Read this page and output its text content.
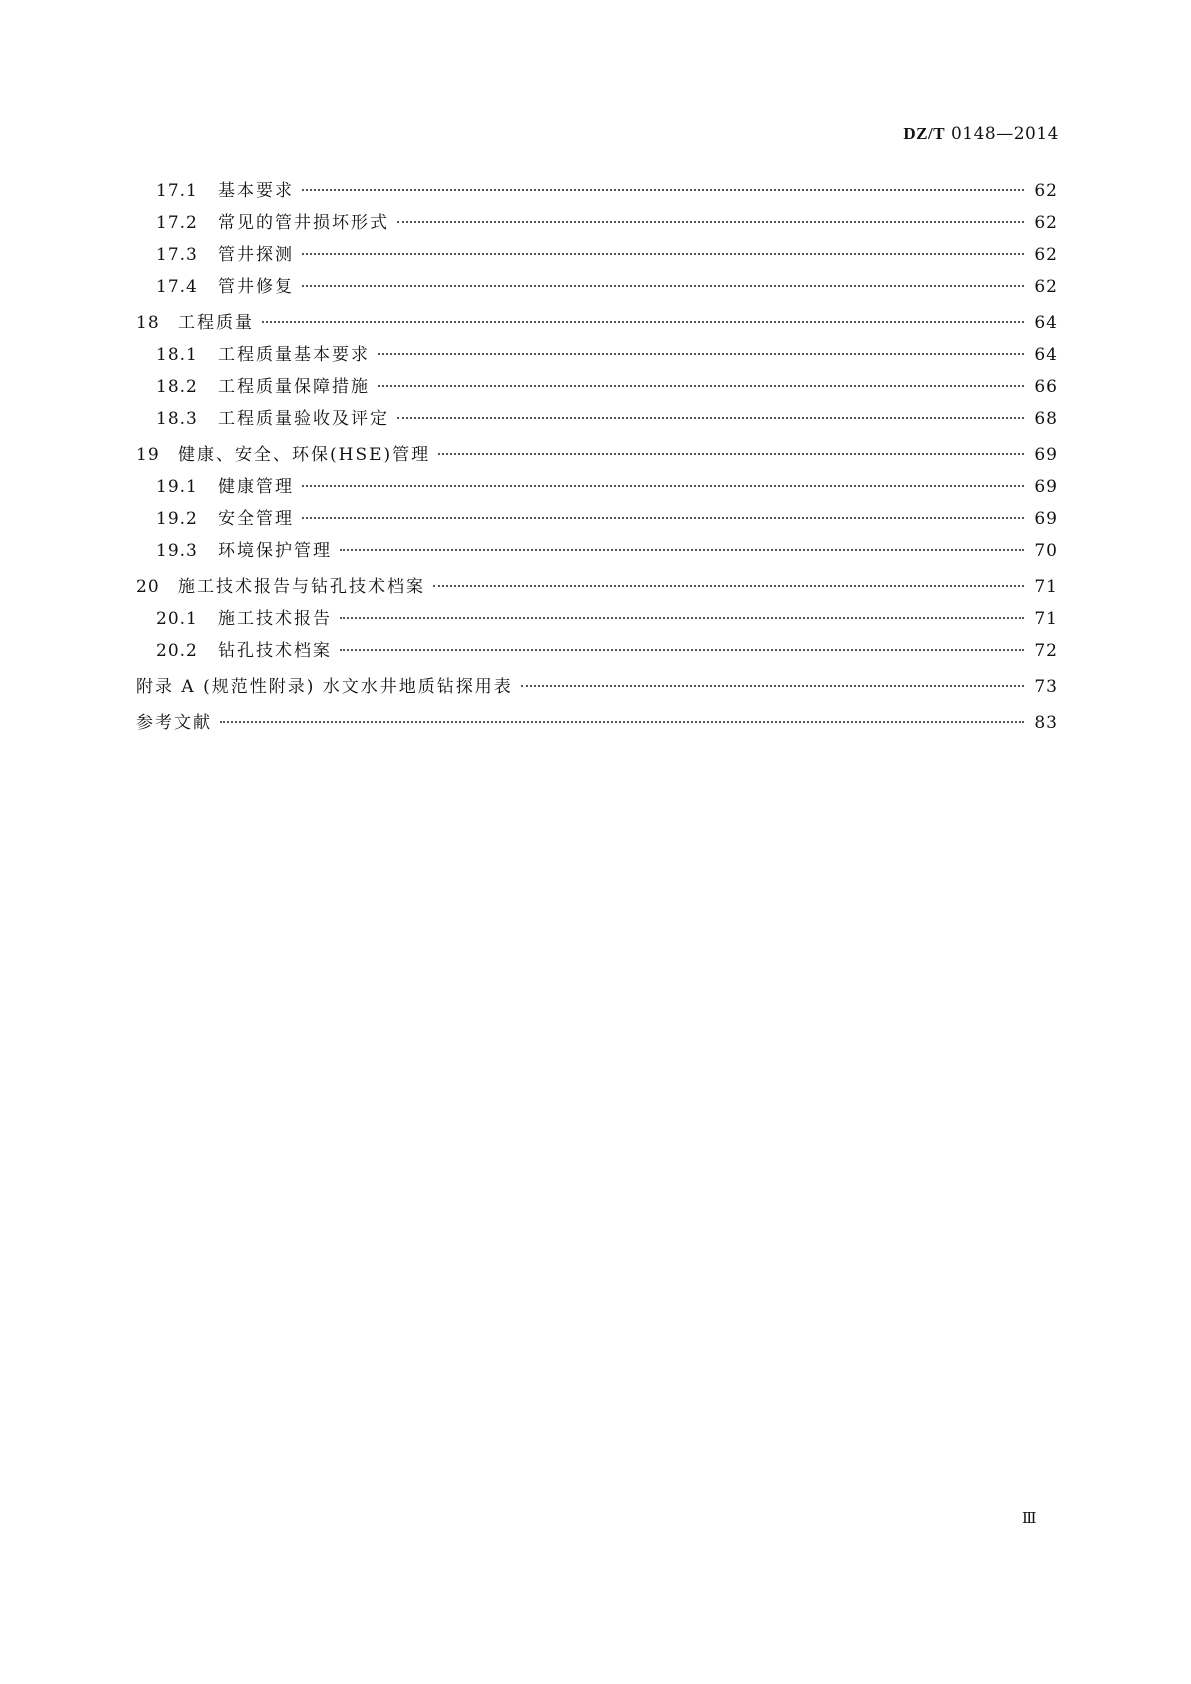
DZ/T 0148—2014
17.1	基本要求	62
17.2	常见的管井损坏形式	62
17.3	管井探测	62
17.4	管井修复	62
18	工程质量	64
18.1	工程质量基本要求	64
18.2	工程质量保障措施	66
18.3	工程质量验收及评定	68
19	健康、安全、环保(HSE)管理	69
19.1	健康管理	69
19.2	安全管理	69
19.3	环境保护管理	70
20	施工技术报告与钻孔技术档案	71
20.1	施工技术报告	71
20.2	钻孔技术档案	72
附录 A (规范性附录) 水文水井地质钻探用表	73
参考文献	83
Ⅲ
